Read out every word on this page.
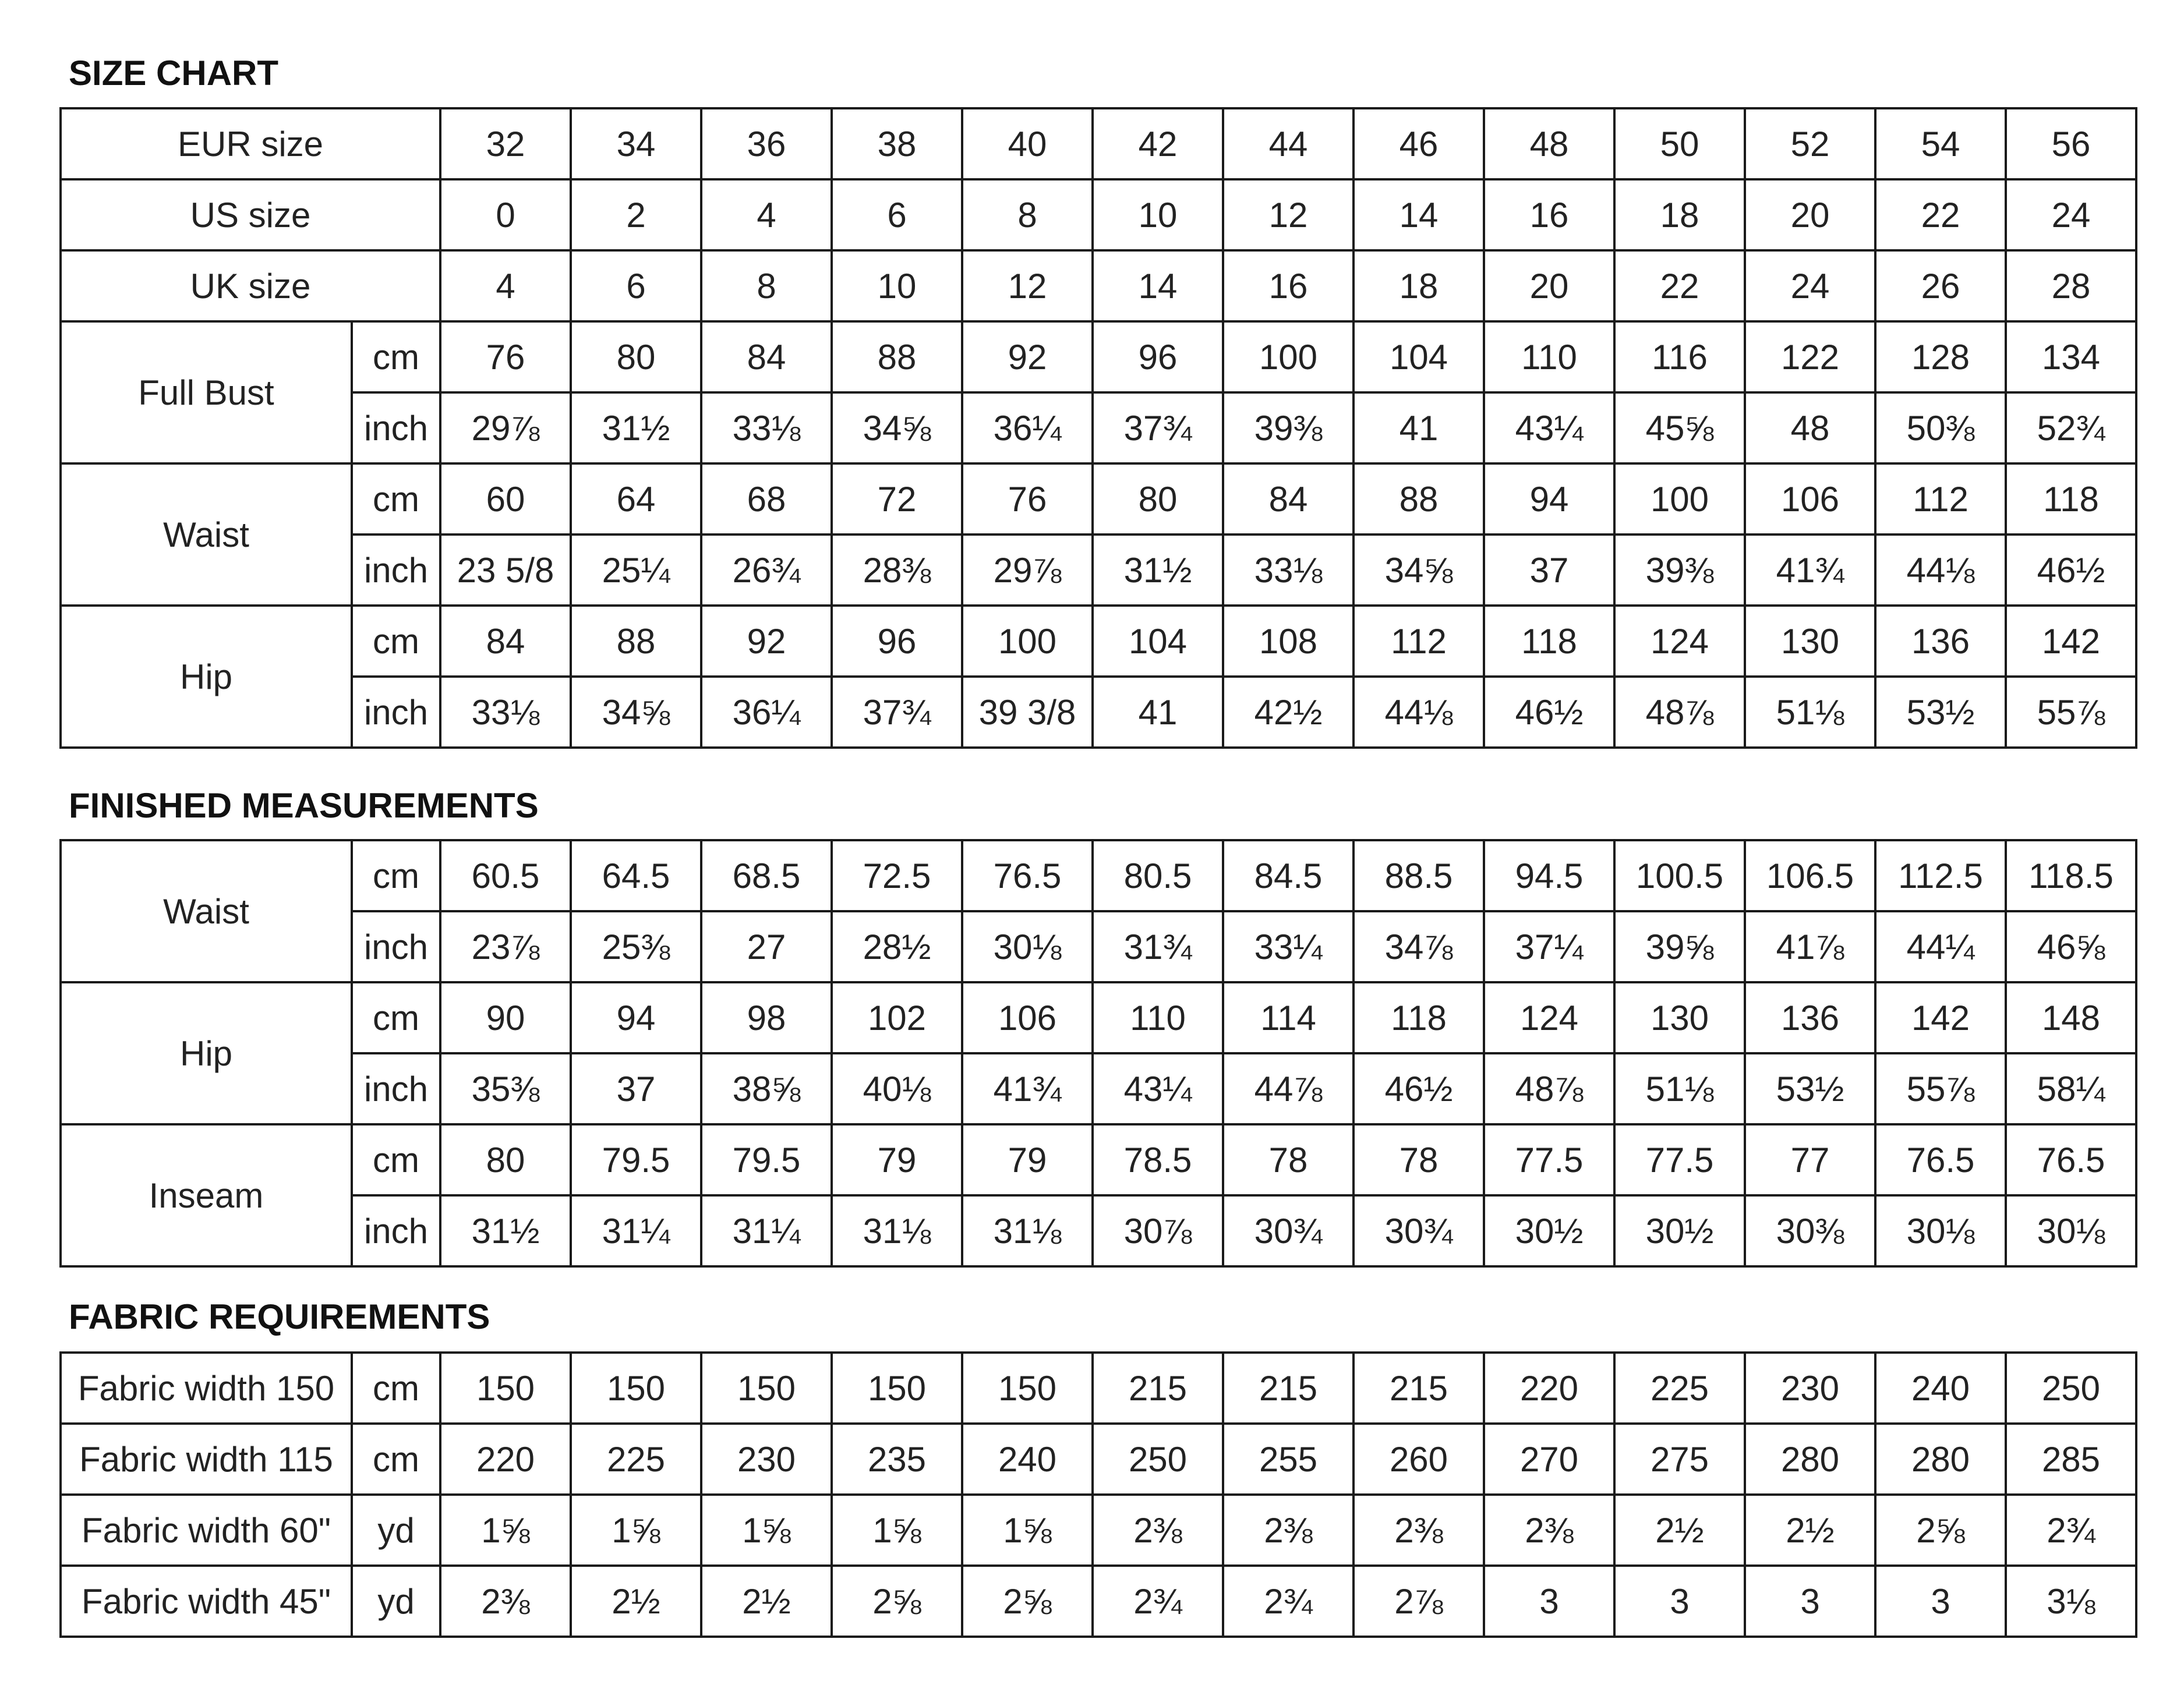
SIZE CHART
EUR size		32	34	36	38	40	42	44	46	48	50	52	54	56
US size		0	2	4	6	8	10	12	14	16	18	20	22	24
UK size		4	6	8	10	12	14	16	18	20	22	24	26	28
Full Bust	cm	76	80	84	88	92	96	100	104	110	116	122	128	134
	inch	29⅞	31½	33⅛	34⅝	36¼	37¾	39⅜	41	43¼	45⅝	48	50⅜	52¾
Waist	cm	60	64	68	72	76	80	84	88	94	100	106	112	118
	inch	23 5/8	25¼	26¾	28⅜	29⅞	31½	33⅛	34⅝	37	39⅜	41¾	44⅛	46½
Hip	cm	84	88	92	96	100	104	108	112	118	124	130	136	142
	inch	33⅛	34⅝	36¼	37¾	39 3/8	41	42½	44⅛	46½	48⅞	51⅛	53½	55⅞
FINISHED MEASUREMENTS
Waist	cm	60.5	64.5	68.5	72.5	76.5	80.5	84.5	88.5	94.5	100.5	106.5	112.5	118.5
	inch	23⅞	25⅜	27	28½	30⅛	31¾	33¼	34⅞	37¼	39⅝	41⅞	44¼	46⅝
Hip	cm	90	94	98	102	106	110	114	118	124	130	136	142	148
	inch	35⅜	37	38⅝	40⅛	41¾	43¼	44⅞	46½	48⅞	51⅛	53½	55⅞	58¼
Inseam	cm	80	79.5	79.5	79	79	78.5	78	78	77.5	77.5	77	76.5	76.5
	inch	31½	31¼	31¼	31⅛	31⅛	30⅞	30¾	30¾	30½	30½	30⅜	30⅛	30⅛
FABRIC REQUIREMENTS
Fabric width 150	cm	150	150	150	150	150	215	215	215	220	225	230	240	250
Fabric width 115	cm	220	225	230	235	240	250	255	260	270	275	280	280	285
Fabric width 60"	yd	1⅝	1⅝	1⅝	1⅝	1⅝	2⅜	2⅜	2⅜	2⅜	2½	2½	2⅝	2¾
Fabric width 45"	yd	2⅜	2½	2½	2⅝	2⅝	2¾	2¾	2⅞	3	3	3	3	3⅛
